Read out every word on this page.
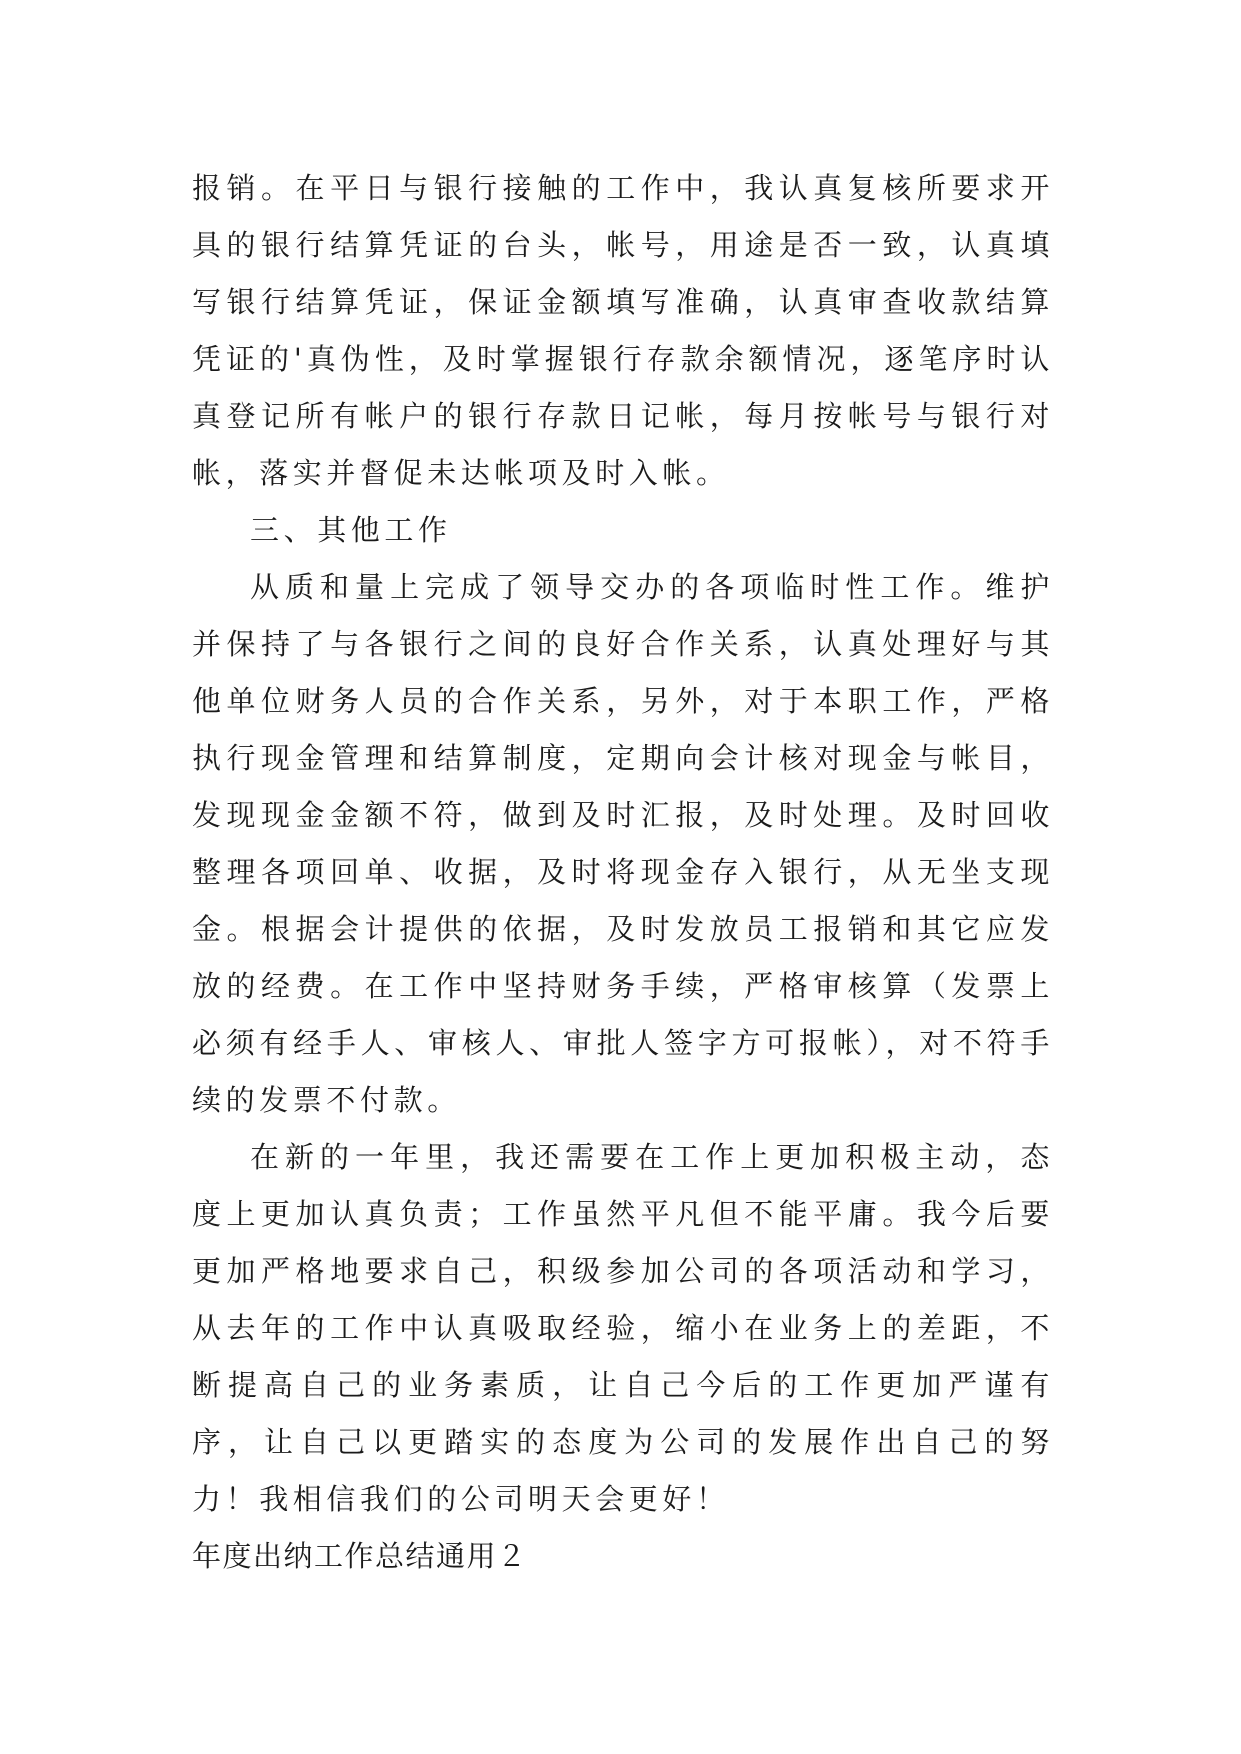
报销。在平日与银行接触的工作中，我认真复核所要求开具的银行结算凭证的台头，帐号，用途是否一致，认真填写银行结算凭证，保证金额填写准确，认真审查收款结算凭证的'真伪性，及时掌握银行存款余额情况，逐笔序时认真登记所有帐户的银行存款日记帐，每月按帐号与银行对帐，落实并督促未达帐项及时入帐。

三、其他工作

从质和量上完成了领导交办的各项临时性工作。维护并保持了与各银行之间的良好合作关系，认真处理好与其他单位财务人员的合作关系，另外，对于本职工作，严格执行现金管理和结算制度，定期向会计核对现金与帐目，发现现金金额不符，做到及时汇报，及时处理。及时回收整理各项回单、收据，及时将现金存入银行，从无坐支现金。根据会计提供的依据，及时发放员工报销和其它应发放的经费。在工作中坚持财务手续，严格审核算（发票上必须有经手人、审核人、审批人签字方可报帐），对不符手续的发票不付款。

在新的一年里，我还需要在工作上更加积极主动，态度上更加认真负责；工作虽然平凡但不能平庸。我今后要更加严格地要求自己，积级参加公司的各项活动和学习，从去年的工作中认真吸取经验，缩小在业务上的差距，不断提高自己的业务素质，让自己今后的工作更加严谨有序，让自己以更踏实的态度为公司的发展作出自己的努力！我相信我们的公司明天会更好！

年度出纳工作总结通用２
